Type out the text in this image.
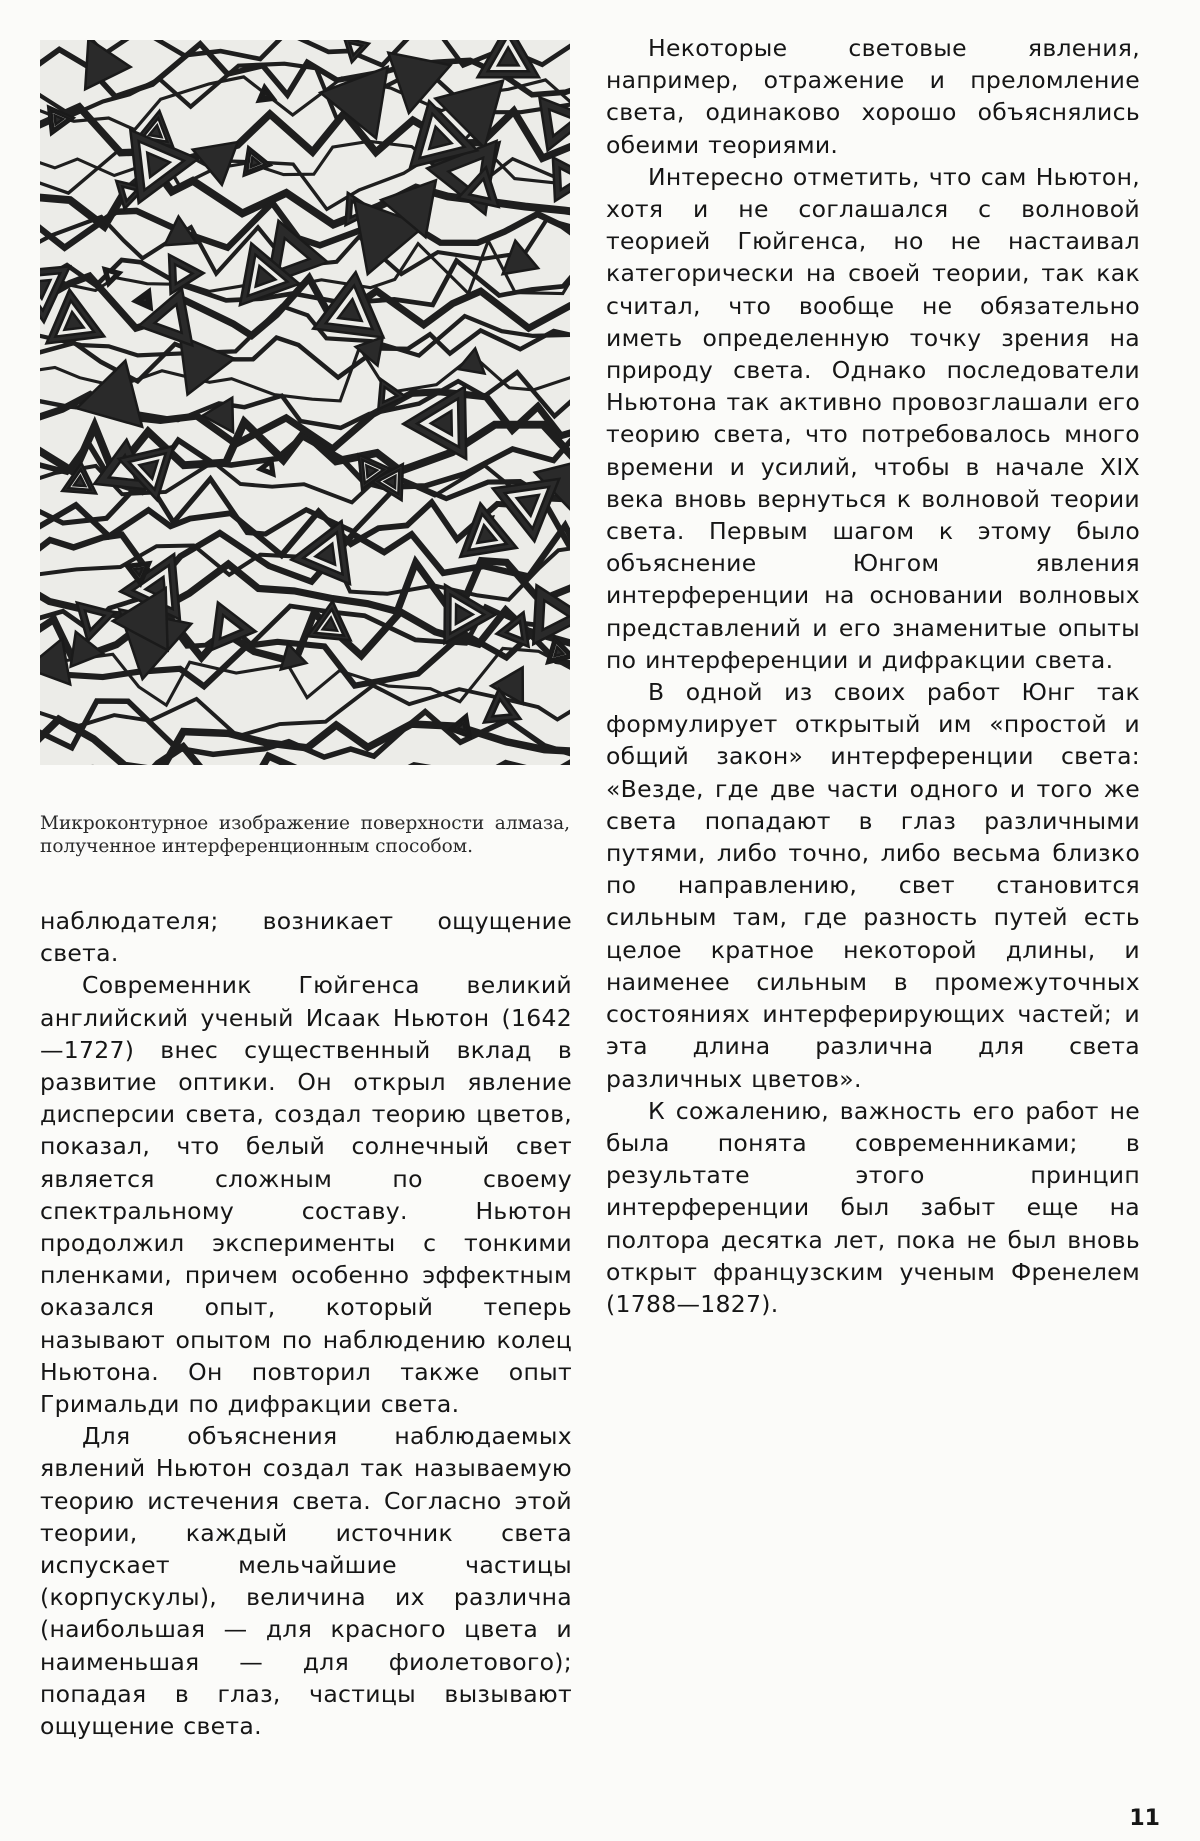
Микроконтурное изображение поверхности алмаза, полученное интерференционным способом.

наблюдателя; возникает ощущение света.

Современник Гюйгенса великий английский ученый Исаак Ньютон (1642—1727) внес существенный вклад в развитие оптики. Он открыл явление дисперсии света, создал теорию цветов, показал, что белый солнечный свет является сложным по своему спектральному составу. Ньютон продолжил эксперименты с тонкими пленками, причем особенно эффектным оказался опыт, который теперь называют опытом по наблюдению колец Ньютона. Он повторил также опыт Гримальди по дифракции света.

Для объяснения наблюдаемых явлений Ньютон создал так называемую теорию истечения света. Согласно этой теории, каждый источник света испускает мельчайшие частицы (корпускулы), величина их различна (наибольшая — для красного цвета и наименьшая — для фиолетового); попадая в глаз, частицы вызывают ощущение света.

Некоторые световые явления, например, отражение и преломление света, одинаково хорошо объяснялись обеими теориями.

Интересно отметить, что сам Ньютон, хотя и не соглашался с волновой теорией Гюйгенса, но не настаивал категорически на своей теории, так как считал, что вообще не обязательно иметь определенную точку зрения на природу света. Однако последователи Ньютона так активно провозглашали его теорию света, что потребовалось много времени и усилий, чтобы в начале XIX века вновь вернуться к волновой теории света. Первым шагом к этому было объяснение Юнгом явления интерференции на основании волновых представлений и его знаменитые опыты по интерференции и дифракции света.

В одной из своих работ Юнг так формулирует открытый им «простой и общий закон» интерференции света: «Везде, где две части одного и того же света попадают в глаз различными путями, либо точно, либо весьма близко по направлению, свет становится сильным там, где разность путей есть целое кратное некоторой длины, и наименее сильным в промежуточных состояниях интерферирующих частей; и эта длина различна для света различных цветов».

К сожалению, важность его работ не была понята современниками; в результате этого принцип интерференции был забыт еще на полтора десятка лет, пока не был вновь открыт французским ученым Френелем (1788—1827).

11
